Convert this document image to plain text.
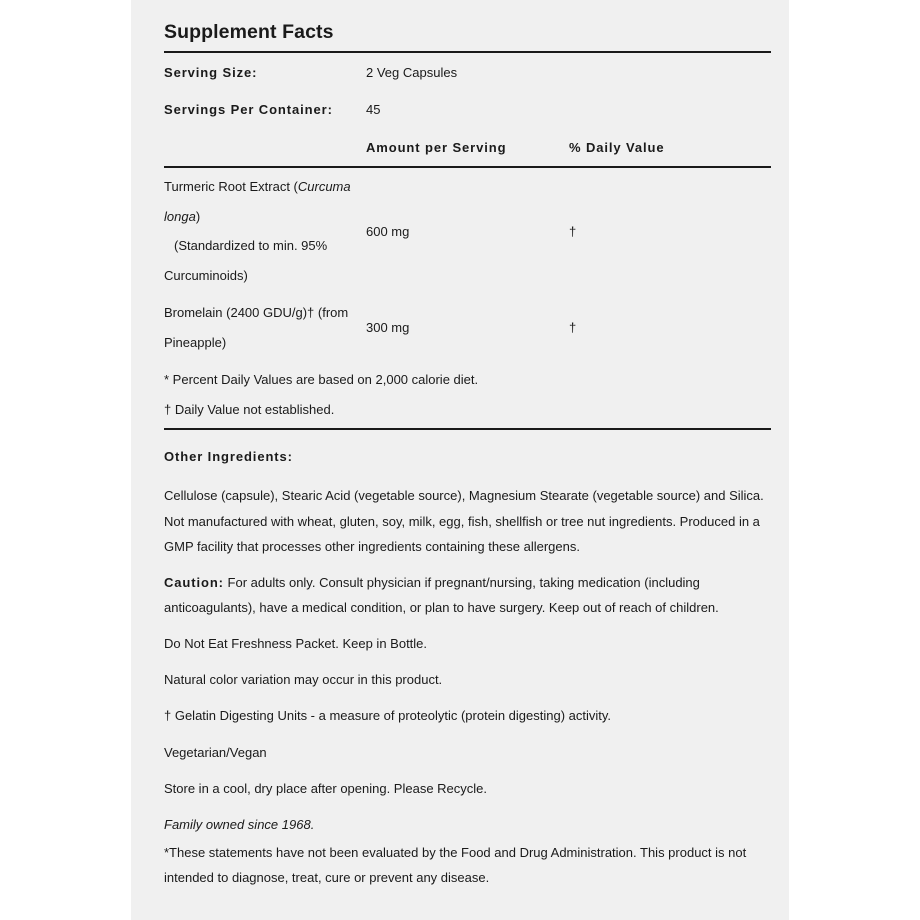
Supplement Facts
Serving Size:	2 Veg Capsules
Servings Per Container:	45
Amount per Serving	% Daily Value
Turmeric Root Extract (Curcuma longa)
(Standardized to min. 95% Curcuminoids)
600 mg	†
Bromelain (2400 GDU/g)† (from Pineapple)
300 mg	†
* Percent Daily Values are based on 2,000 calorie diet.
† Daily Value not established.
Other Ingredients:
Cellulose (capsule), Stearic Acid (vegetable source), Magnesium Stearate (vegetable source) and Silica.
Not manufactured with wheat, gluten, soy, milk, egg, fish, shellfish or tree nut ingredients. Produced in a GMP facility that processes other ingredients containing these allergens.
Caution: For adults only. Consult physician if pregnant/nursing, taking medication (including anticoagulants), have a medical condition, or plan to have surgery. Keep out of reach of children.
Do Not Eat Freshness Packet. Keep in Bottle.
Natural color variation may occur in this product.
† Gelatin Digesting Units - a measure of proteolytic (protein digesting) activity.
Vegetarian/Vegan
Store in a cool, dry place after opening. Please Recycle.
Family owned since 1968.
*These statements have not been evaluated by the Food and Drug Administration. This product is not intended to diagnose, treat, cure or prevent any disease.
